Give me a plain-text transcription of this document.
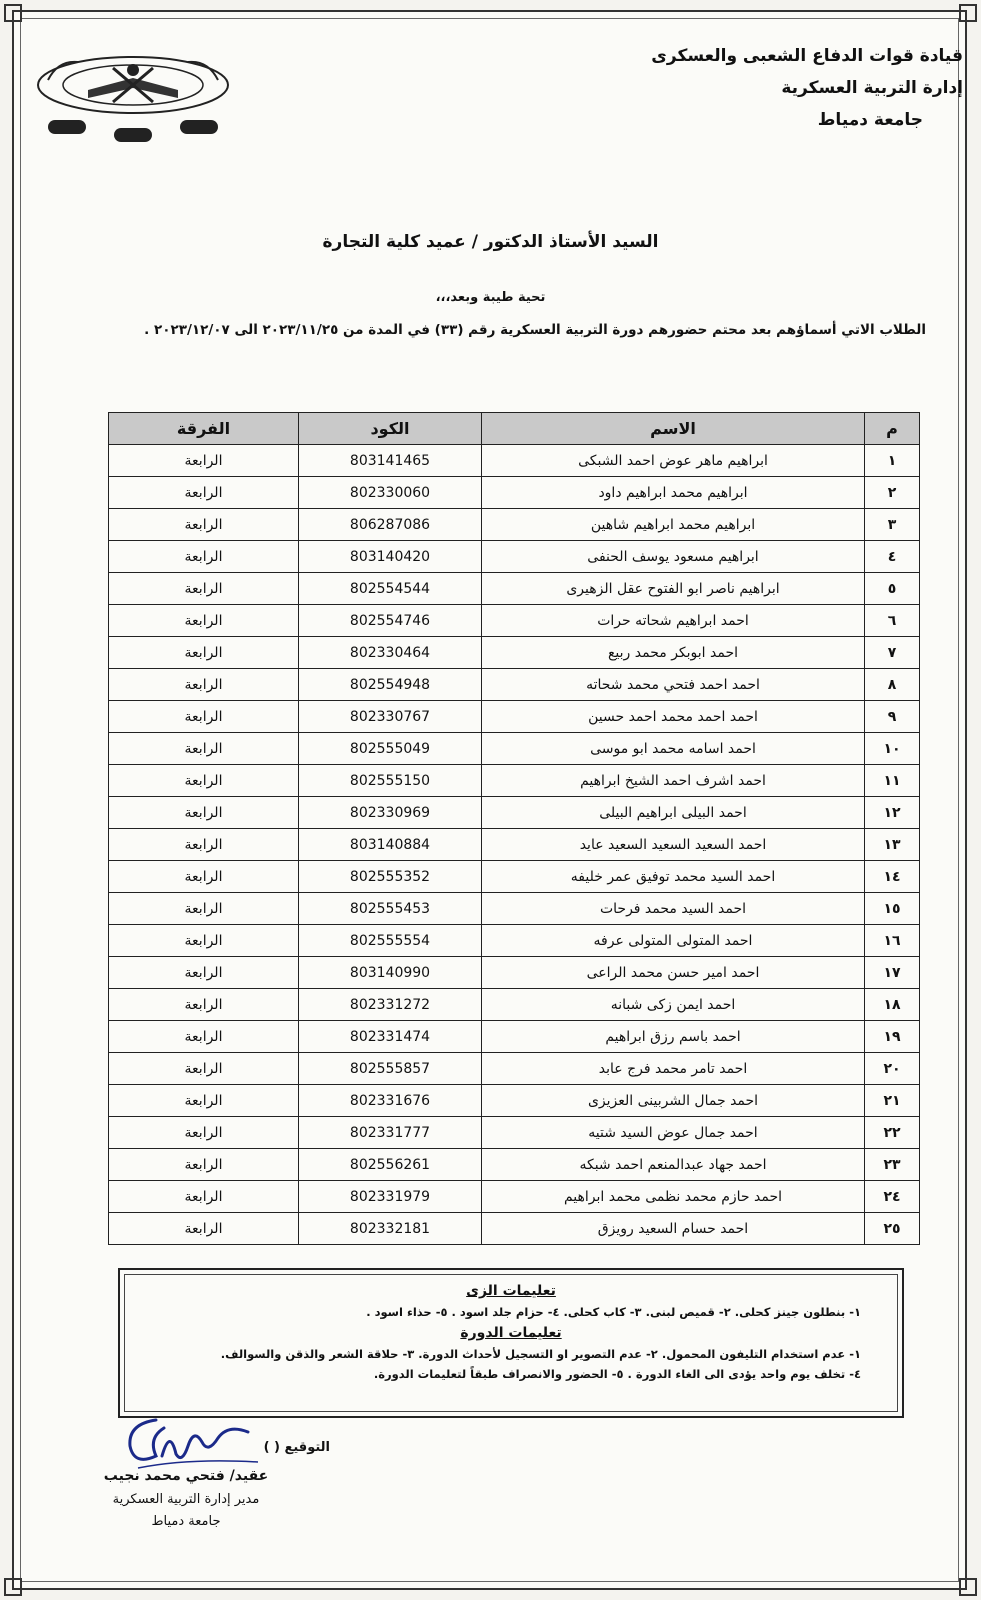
قيادة قوات الدفاع الشعبى والعسكرى
إدارة التربية العسكرية
جامعة دمياط
السيد الأستاذ الدكتور / عميد كلية التجارة
تحية طيبة وبعد،،،
الطلاب الاتي أسماؤهم بعد محتم حضورهم دورة التربية العسكرية رقم (٣٣) في المدة من ٢٠٢٣/١١/٢٥ الى ٢٠٢٣/١٢/٠٧ .
م	الاسم	الكود	الفرقة
١	ابراهيم ماهر عوض احمد الشبكى	803141465	الرابعة
٢	ابراهيم محمد ابراهيم داود	802330060	الرابعة
٣	ابراهيم محمد ابراهيم شاهين	806287086	الرابعة
٤	ابراهيم مسعود يوسف الحنفى	803140420	الرابعة
٥	ابراهيم ناصر ابو الفتوح عقل الزهيرى	802554544	الرابعة
٦	احمد ابراهيم شحاته حرات	802554746	الرابعة
٧	احمد ابوبكر محمد ربيع	802330464	الرابعة
٨	احمد احمد فتحي محمد شحاته	802554948	الرابعة
٩	احمد احمد محمد احمد حسين	802330767	الرابعة
١٠	احمد اسامه محمد ابو موسى	802555049	الرابعة
١١	احمد اشرف احمد الشيخ ابراهيم	802555150	الرابعة
١٢	احمد البيلى ابراهيم البيلى	802330969	الرابعة
١٣	احمد السعيد السعيد السعيد عايد	803140884	الرابعة
١٤	احمد السيد محمد توفيق عمر خليفه	802555352	الرابعة
١٥	احمد السيد محمد فرحات	802555453	الرابعة
١٦	احمد المتولى المتولى عرفه	802555554	الرابعة
١٧	احمد امير حسن محمد الراعى	803140990	الرابعة
١٨	احمد ايمن زكى شبانه	802331272	الرابعة
١٩	احمد باسم رزق ابراهيم	802331474	الرابعة
٢٠	احمد تامر محمد فرج عابد	802555857	الرابعة
٢١	احمد جمال الشربينى العزيزى	802331676	الرابعة
٢٢	احمد جمال عوض السيد شتيه	802331777	الرابعة
٢٣	احمد جهاد عبدالمنعم احمد شبكه	802556261	الرابعة
٢٤	احمد حازم محمد نظمى محمد ابراهيم	802331979	الرابعة
٢٥	احمد حسام السعيد رويزق	802332181	الرابعة
تعليمات الزى
١- بنطلون جينز كحلى. ٢- قميص لبنى. ٣- كاب كحلى. ٤- حزام جلد اسود . ٥- حذاء اسود .
تعليمات الدورة
١- عدم استخدام التليفون المحمول. ٢- عدم التصوير او التسجيل لأحداث الدورة. ٣- حلاقة الشعر والذقن والسوالف.
٤- تخلف يوم واحد يؤدى الى الغاء الدورة . ٥- الحضور والانصراف طبقاً لتعليمات الدورة.
التوقيع ( )
عقيد/ فتحي محمد نجيب
مدير إدارة التربية العسكرية
جامعة دمياط
